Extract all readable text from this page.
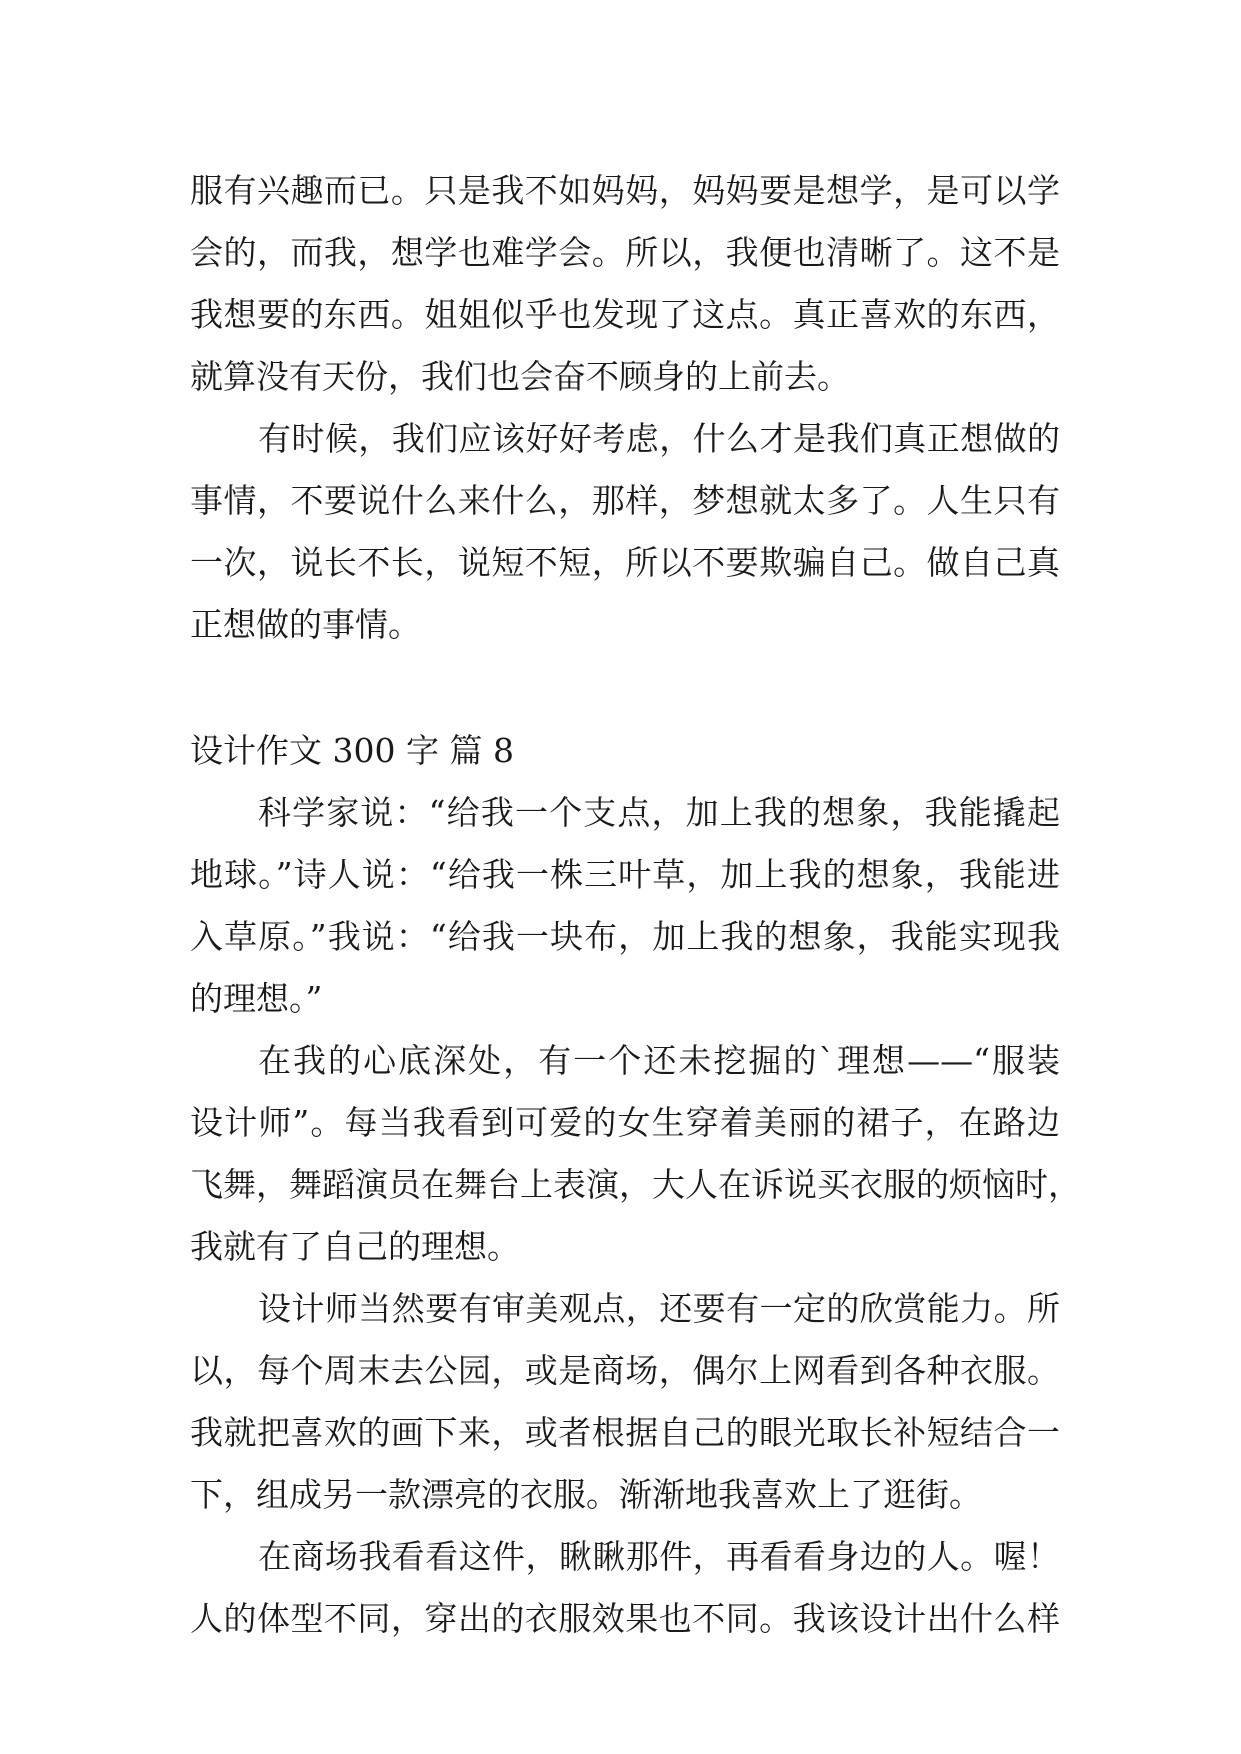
服有兴趣而已。只是我不如妈妈，妈妈要是想学，是可以学
会的，而我，想学也难学会。所以，我便也清晰了。这不是
我想要的东西。姐姐似乎也发现了这点。真正喜欢的东西，
就算没有天份，我们也会奋不顾身的上前去。
有时候，我们应该好好考虑，什么才是我们真正想做的
事情，不要说什么来什么，那样，梦想就太多了。人生只有
一次，说长不长，说短不短，所以不要欺骗自己。做自己真
正想做的事情。
设计作文 300 字 篇 8
科学家说：“给我一个支点，加上我的想象，我能撬起
地球。”诗人说：“给我一株三叶草，加上我的想象，我能进
入草原。”我说：“给我一块布，加上我的想象，我能实现我
的理想。”
在我的心底深处，有一个还未挖掘的`理想——“服装
设计师”。每当我看到可爱的女生穿着美丽的裙子，在路边
飞舞，舞蹈演员在舞台上表演，大人在诉说买衣服的烦恼时，
我就有了自己的理想。
设计师当然要有审美观点，还要有一定的欣赏能力。所
以，每个周末去公园，或是商场，偶尔上网看到各种衣服。
我就把喜欢的画下来，或者根据自己的眼光取长补短结合一
下，组成另一款漂亮的衣服。渐渐地我喜欢上了逛街。
在商场我看看这件，瞅瞅那件，再看看身边的人。喔！
人的体型不同，穿出的衣服效果也不同。我该设计出什么样
